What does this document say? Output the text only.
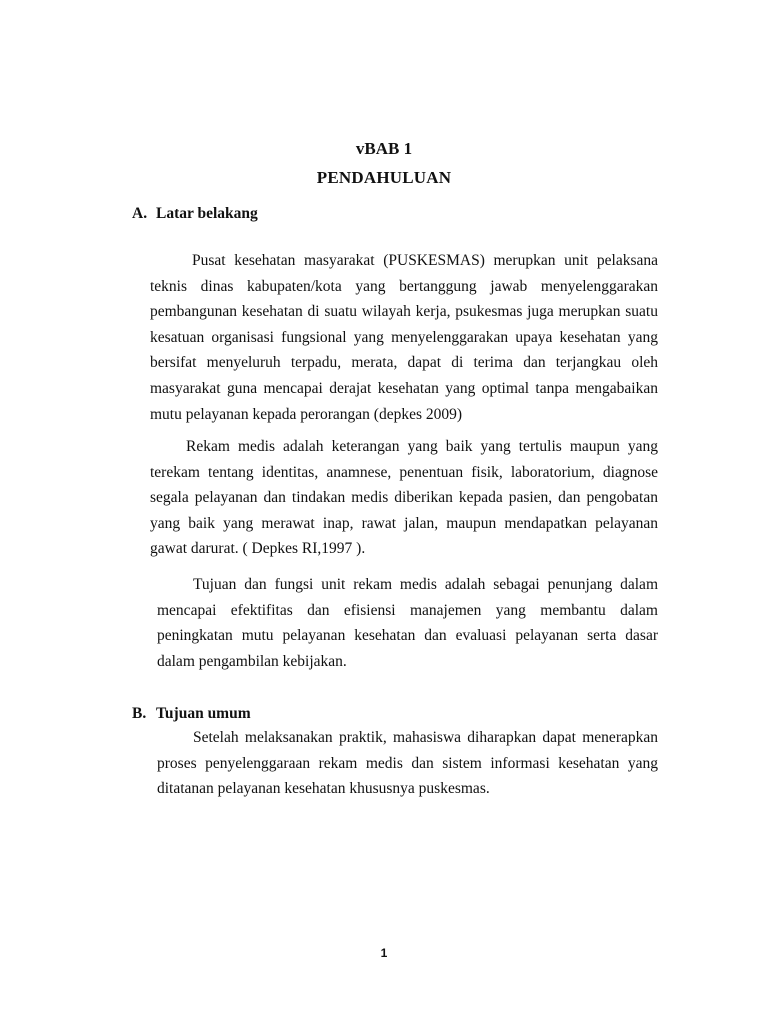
vBAB 1
PENDAHULUAN
A. Latar belakang

Pusat kesehatan masyarakat (PUSKESMAS) merupkan unit pelaksana teknis dinas kabupaten/kota yang bertanggung jawab menyelenggarakan pembangunan kesehatan di suatu wilayah kerja, psukesmas juga merupkan suatu kesatuan organisasi fungsional yang menyelenggarakan upaya kesehatan yang bersifat menyeluruh terpadu, merata, dapat di terima dan terjangkau oleh masyarakat guna mencapai derajat kesehatan yang optimal tanpa mengabaikan mutu pelayanan kepada perorangan (depkes 2009)

Rekam medis adalah keterangan yang baik yang tertulis maupun yang terekam tentang identitas, anamnese, penentuan fisik, laboratorium, diagnose segala pelayanan dan tindakan medis diberikan kepada pasien, dan pengobatan yang baik yang merawat inap, rawat jalan, maupun mendapatkan pelayanan gawat darurat. ( Depkes RI,1997 ).

Tujuan dan fungsi unit rekam medis adalah sebagai penunjang dalam mencapai efektifitas dan efisiensi manajemen yang membantu dalam peningkatan mutu pelayanan kesehatan dan evaluasi pelayanan serta dasar dalam pengambilan kebijakan.

B. Tujuan umum

Setelah melaksanakan praktik, mahasiswa diharapkan dapat menerapkan proses penyelenggaraan rekam medis dan sistem informasi kesehatan yang ditatanan pelayanan kesehatan khususnya puskesmas.

1
